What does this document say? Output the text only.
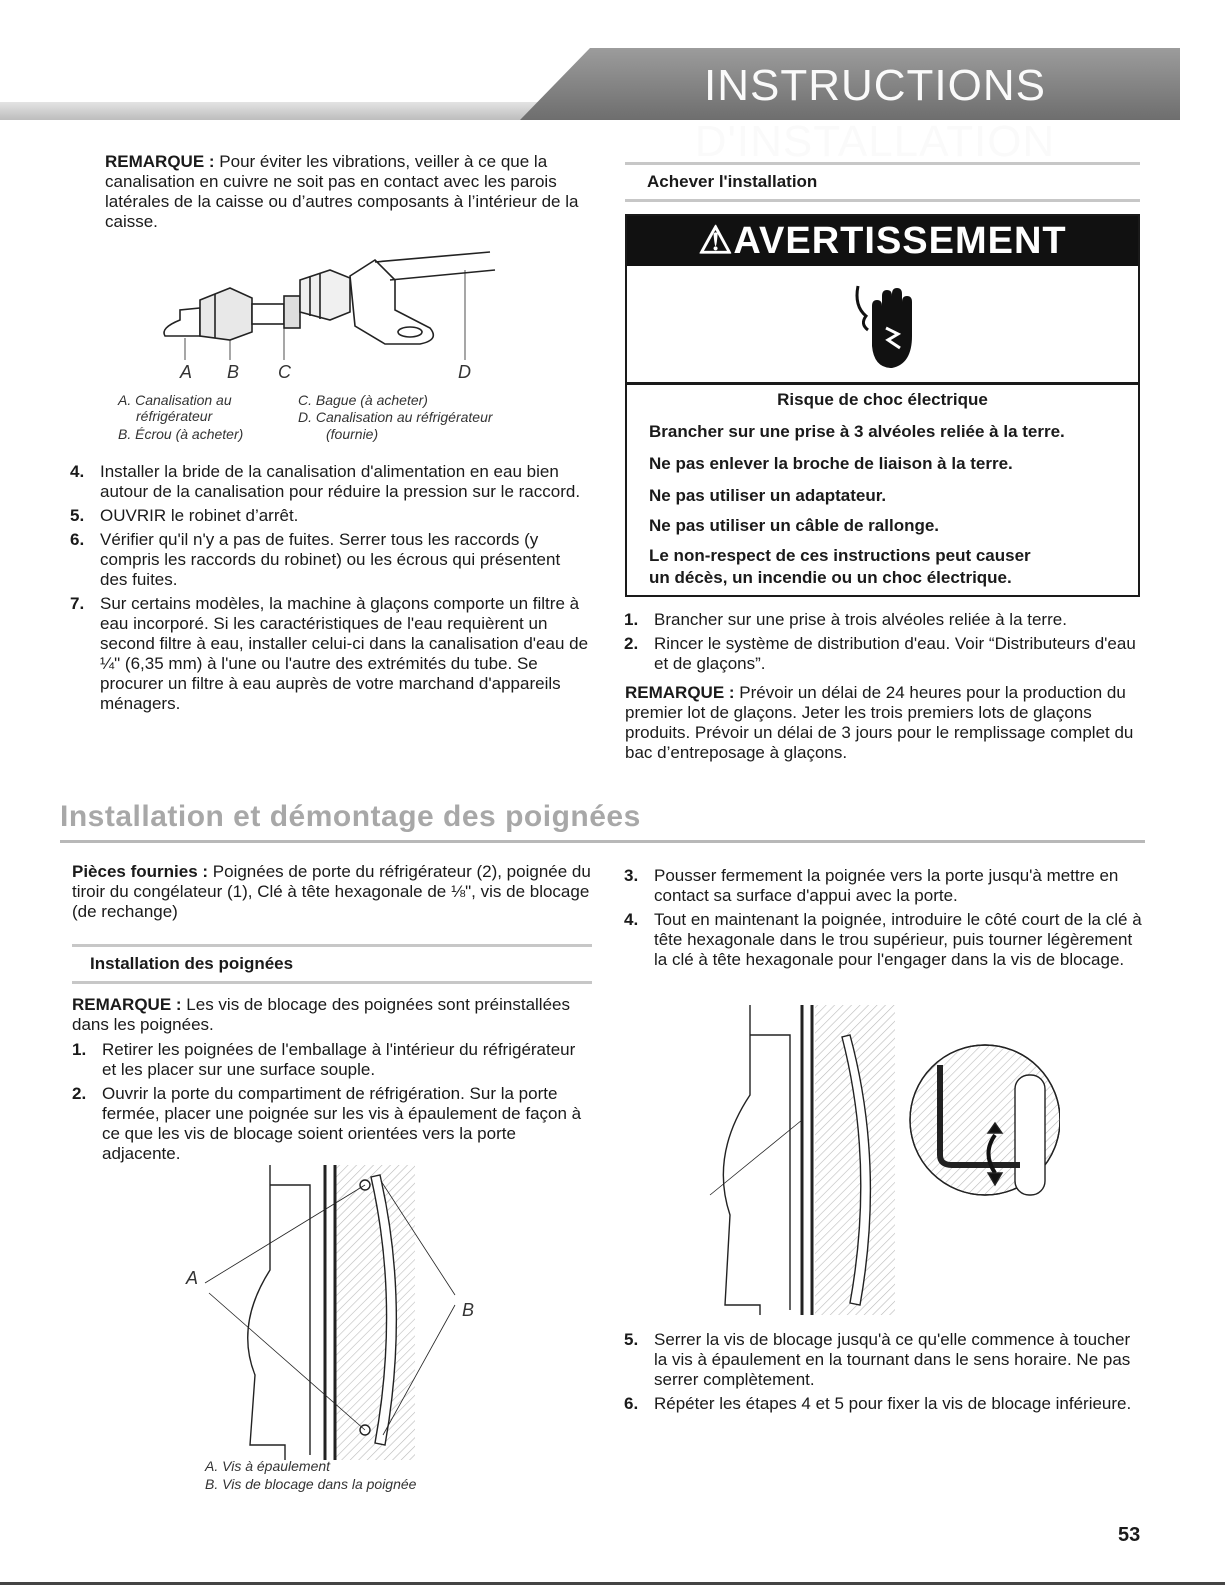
INSTRUCTIONS D'INSTALLATION
REMARQUE : Pour éviter les vibrations, veiller à ce que la canalisation en cuivre ne soit pas en contact avec les parois latérales de la caisse ou d’autres composants à l’intérieur de la caisse.
A B C	D
A. Canalisation au
réfrigérateur
B. Écrou (à acheter)
C. Bague (à acheter)
D. Canalisation au réfrigérateur
(fournie)
4. Installer la bride de la canalisation d'alimentation en eau bien autour de la canalisation pour réduire la pression sur le raccord.
5. OUVRIR le robinet d’arrêt.
6. Vérifier qu'il n'y a pas de fuites. Serrer tous les raccords (y compris les raccords du robinet) ou les écrous qui présentent des fuites.
7. Sur certains modèles, la machine à glaçons comporte un filtre à eau incorporé. Si les caractéristiques de l'eau requièrent un second filtre à eau, installer celui-ci dans la canalisation d'eau de ¼" (6,35 mm) à l'une ou l'autre des extrémités du tube. Se procurer un filtre à eau auprès de votre marchand d'appareils ménagers.
Achever l'installation
⚠AVERTISSEMENT
Risque de choc électrique
Brancher sur une prise à 3 alvéoles reliée à la terre.
Ne pas enlever la broche de liaison à la terre.
Ne pas utiliser un adaptateur.
Ne pas utiliser un câble de rallonge.
Le non-respect de ces instructions peut causer
un décès, un incendie ou un choc électrique.
1. Brancher sur une prise à trois alvéoles reliée à la terre.
2. Rincer le système de distribution d'eau. Voir “Distributeurs d'eau et de glaçons”.
REMARQUE : Prévoir un délai de 24 heures pour la production du premier lot de glaçons. Jeter les trois premiers lots de glaçons produits. Prévoir un délai de 3 jours pour le remplissage complet du bac d’entreposage à glaçons.
Installation et démontage des poignées
Pièces fournies : Poignées de porte du réfrigérateur (2), poignée du tiroir du congélateur (1), Clé à tête hexagonale de ⅛", vis de blocage (de rechange)
Installation des poignées
REMARQUE : Les vis de blocage des poignées sont préinstallées dans les poignées.
1. Retirer les poignées de l'emballage à l'intérieur du réfrigérateur et les placer sur une surface souple.
2. Ouvrir la porte du compartiment de réfrigération. Sur la porte fermée, placer une poignée sur les vis à épaulement de façon à ce que les vis de blocage soient orientées vers la porte adjacente.
A
B
A. Vis à épaulement
B. Vis de blocage dans la poignée
3. Pousser fermement la poignée vers la porte jusqu'à mettre en contact sa surface d'appui avec la porte.
4. Tout en maintenant la poignée, introduire le côté court de la clé à tête hexagonale dans le trou supérieur, puis tourner légèrement la clé à tête hexagonale pour l'engager dans la vis de blocage.
5. Serrer la vis de blocage jusqu'à ce qu'elle commence à toucher la vis à épaulement en la tournant dans le sens horaire. Ne pas serrer complètement.
6. Répéter les étapes 4 et 5 pour fixer la vis de blocage inférieure.
53
